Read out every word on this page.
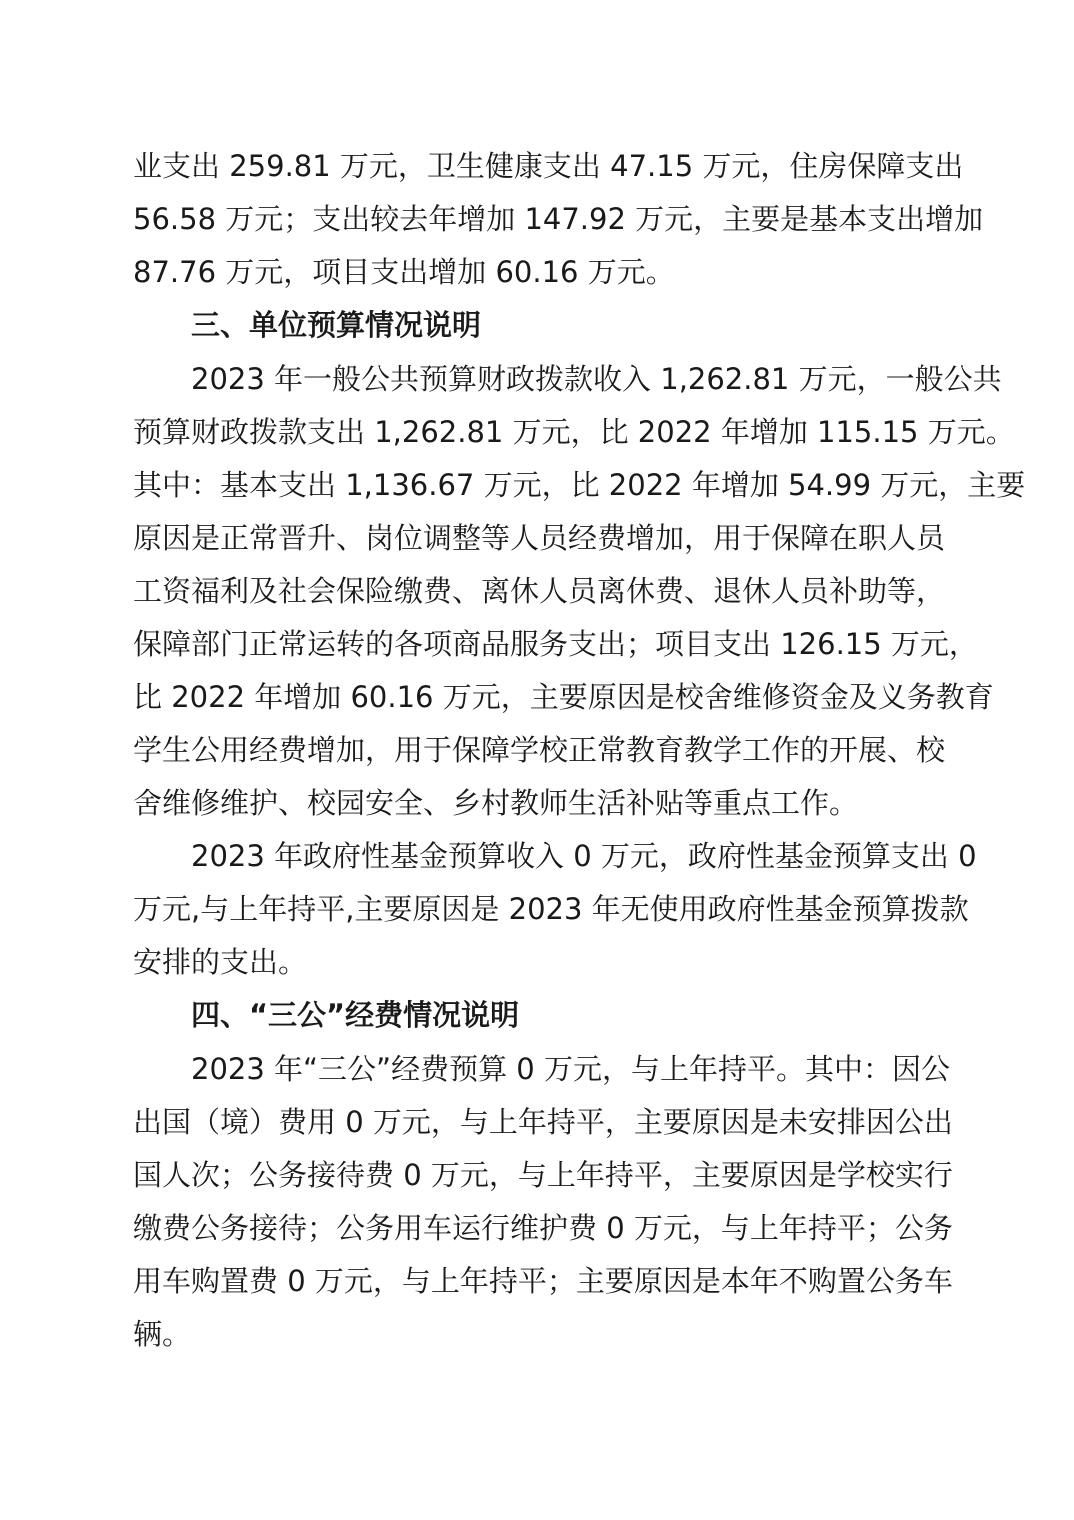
业支出 259.81 万元，卫生健康支出 47.15 万元，住房保障支出
56.58 万元；支出较去年增加 147.92 万元，主要是基本支出增加
87.76 万元，项目支出增加 60.16 万元。
三、单位预算情况说明
2023 年一般公共预算财政拨款收入 1,262.81 万元，一般公共
预算财政拨款支出 1,262.81 万元，比 2022 年增加 115.15 万元。
其中：基本支出 1,136.67 万元，比 2022 年增加 54.99 万元，主要
原因是正常晋升、岗位调整等人员经费增加，用于保障在职人员
工资福利及社会保险缴费、离休人员离休费、退休人员补助等，
保障部门正常运转的各项商品服务支出；项目支出 126.15 万元，
比 2022 年增加 60.16 万元，主要原因是校舍维修资金及义务教育
学生公用经费增加，用于保障学校正常教育教学工作的开展、校
舍维修维护、校园安全、乡村教师生活补贴等重点工作。
2023 年政府性基金预算收入 0 万元，政府性基金预算支出 0
万元,与上年持平,主要原因是 2023 年无使用政府性基金预算拨款
安排的支出。
四、“三公”经费情况说明
2023 年“三公”经费预算 0 万元，与上年持平。其中：因公
出国（境）费用 0 万元，与上年持平，主要原因是未安排因公出
国人次；公务接待费 0 万元，与上年持平，主要原因是学校实行
缴费公务接待；公务用车运行维护费 0 万元，与上年持平；公务
用车购置费 0 万元，与上年持平；主要原因是本年不购置公务车
辆。
